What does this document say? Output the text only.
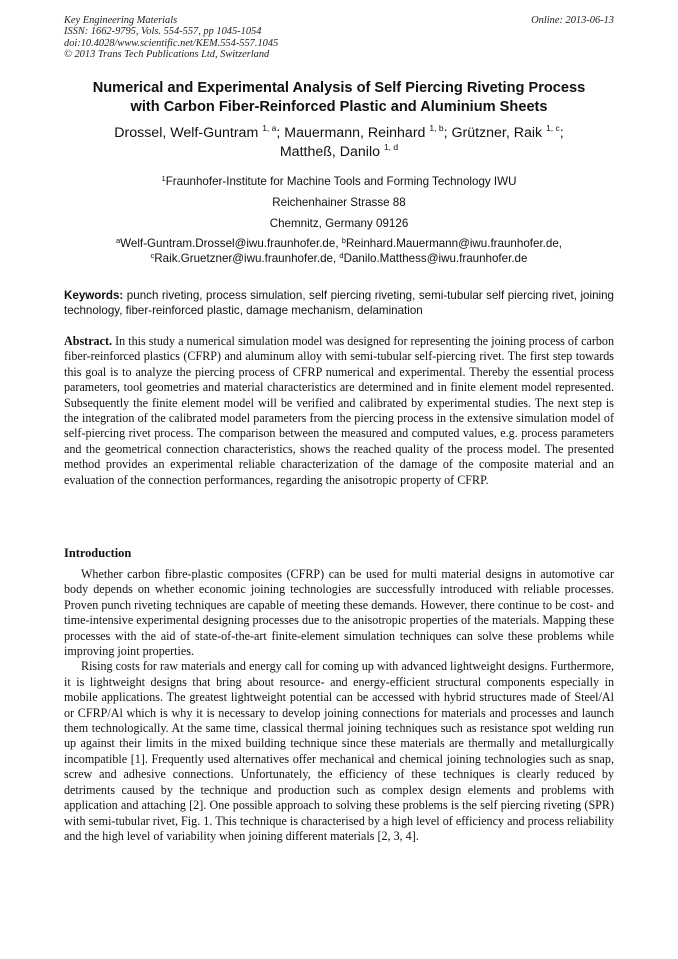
Key Engineering Materials
ISSN: 1662-9795, Vols. 554-557, pp 1045-1054
doi:10.4028/www.scientific.net/KEM.554-557.1045
© 2013 Trans Tech Publications Ltd, Switzerland
Online: 2013-06-13
Numerical and Experimental Analysis of Self Piercing Riveting Process
with Carbon Fiber-Reinforced Plastic and Aluminium Sheets
Drossel, Welf-Guntram $^{1, a}$; Mauermann, Reinhard $^{1, b}$; Grützner, Raik $^{1, c}$;
Mattheß, Danilo $^{1, d}$
$^1$Fraunhofer-Institute for Machine Tools and Forming Technology IWU
Reichenhainer Strasse 88
Chemnitz, Germany 09126
$^a$Welf-Guntram.Drossel@iwu.fraunhofer.de, $^b$Reinhard.Mauermann@iwu.fraunhofer.de,
$^c$Raik.Gruetzner@iwu.fraunhofer.de, $^d$Danilo.Matthess@iwu.fraunhofer.de
Keywords: punch riveting, process simulation, self piercing riveting, semi-tubular self piercing rivet, joining technology, fiber-reinforced plastic, damage mechanism, delamination
Abstract. In this study a numerical simulation model was designed for representing the joining process of carbon fiber-reinforced plastics (CFRP) and aluminum alloy with semi-tubular self-piercing rivet. The first step towards this goal is to analyze the piercing process of CFRP numerical and experimental. Thereby the essential process parameters, tool geometries and material characteristics are determined and in finite element model represented. Subsequently the finite element model will be verified and calibrated by experimental studies. The next step is the integration of the calibrated model parameters from the piercing process in the extensive simulation model of self-piercing rivet process. The comparison between the measured and computed values, e.g. process parameters and the geometrical connection characteristics, shows the reached quality of the process model. The presented method provides an experimental reliable characterization of the damage of the composite material and an evaluation of the connection performances, regarding the anisotropic property of CFRP.
Introduction

Whether carbon fibre-plastic composites (CFRP) can be used for multi material designs in automotive car body depends on whether economic joining technologies are successfully introduced with reliable processes. Proven punch riveting techniques are capable of meeting these demands. However, there continue to be cost- and time-intensive experimental designing processes due to the anisotropic properties of the materials. Mapping these processes with the aid of state-of-the-art finite-element simulation techniques can solve these problems while improving joint properties.

Rising costs for raw materials and energy call for coming up with advanced lightweight designs. Furthermore, it is lightweight designs that bring about resource- and energy-efficient structural components especially in mobile applications. The greatest lightweight potential can be accessed with hybrid structures made of Steel/Al or CFRP/Al which is why it is necessary to develop joining connections for materials and processes and launch them technologically. At the same time, classical thermal joining techniques such as resistance spot welding run up against their limits in the mixed building technique since these materials are thermally and metallurgically incompatible [1]. Frequently used alternatives offer mechanical and chemical joining technologies such as snap, screw and adhesive connections. Unfortunately, the efficiency of these techniques is clearly reduced by detriments caused by the technique and production such as complex design elements and problems with application and attaching [2]. One possible approach to solving these problems is the self piercing riveting (SPR) with semi-tubular rivet, Fig. 1. This technique is characterised by a high level of efficiency and process reliability and the high level of variability when joining different materials [2, 3, 4].
